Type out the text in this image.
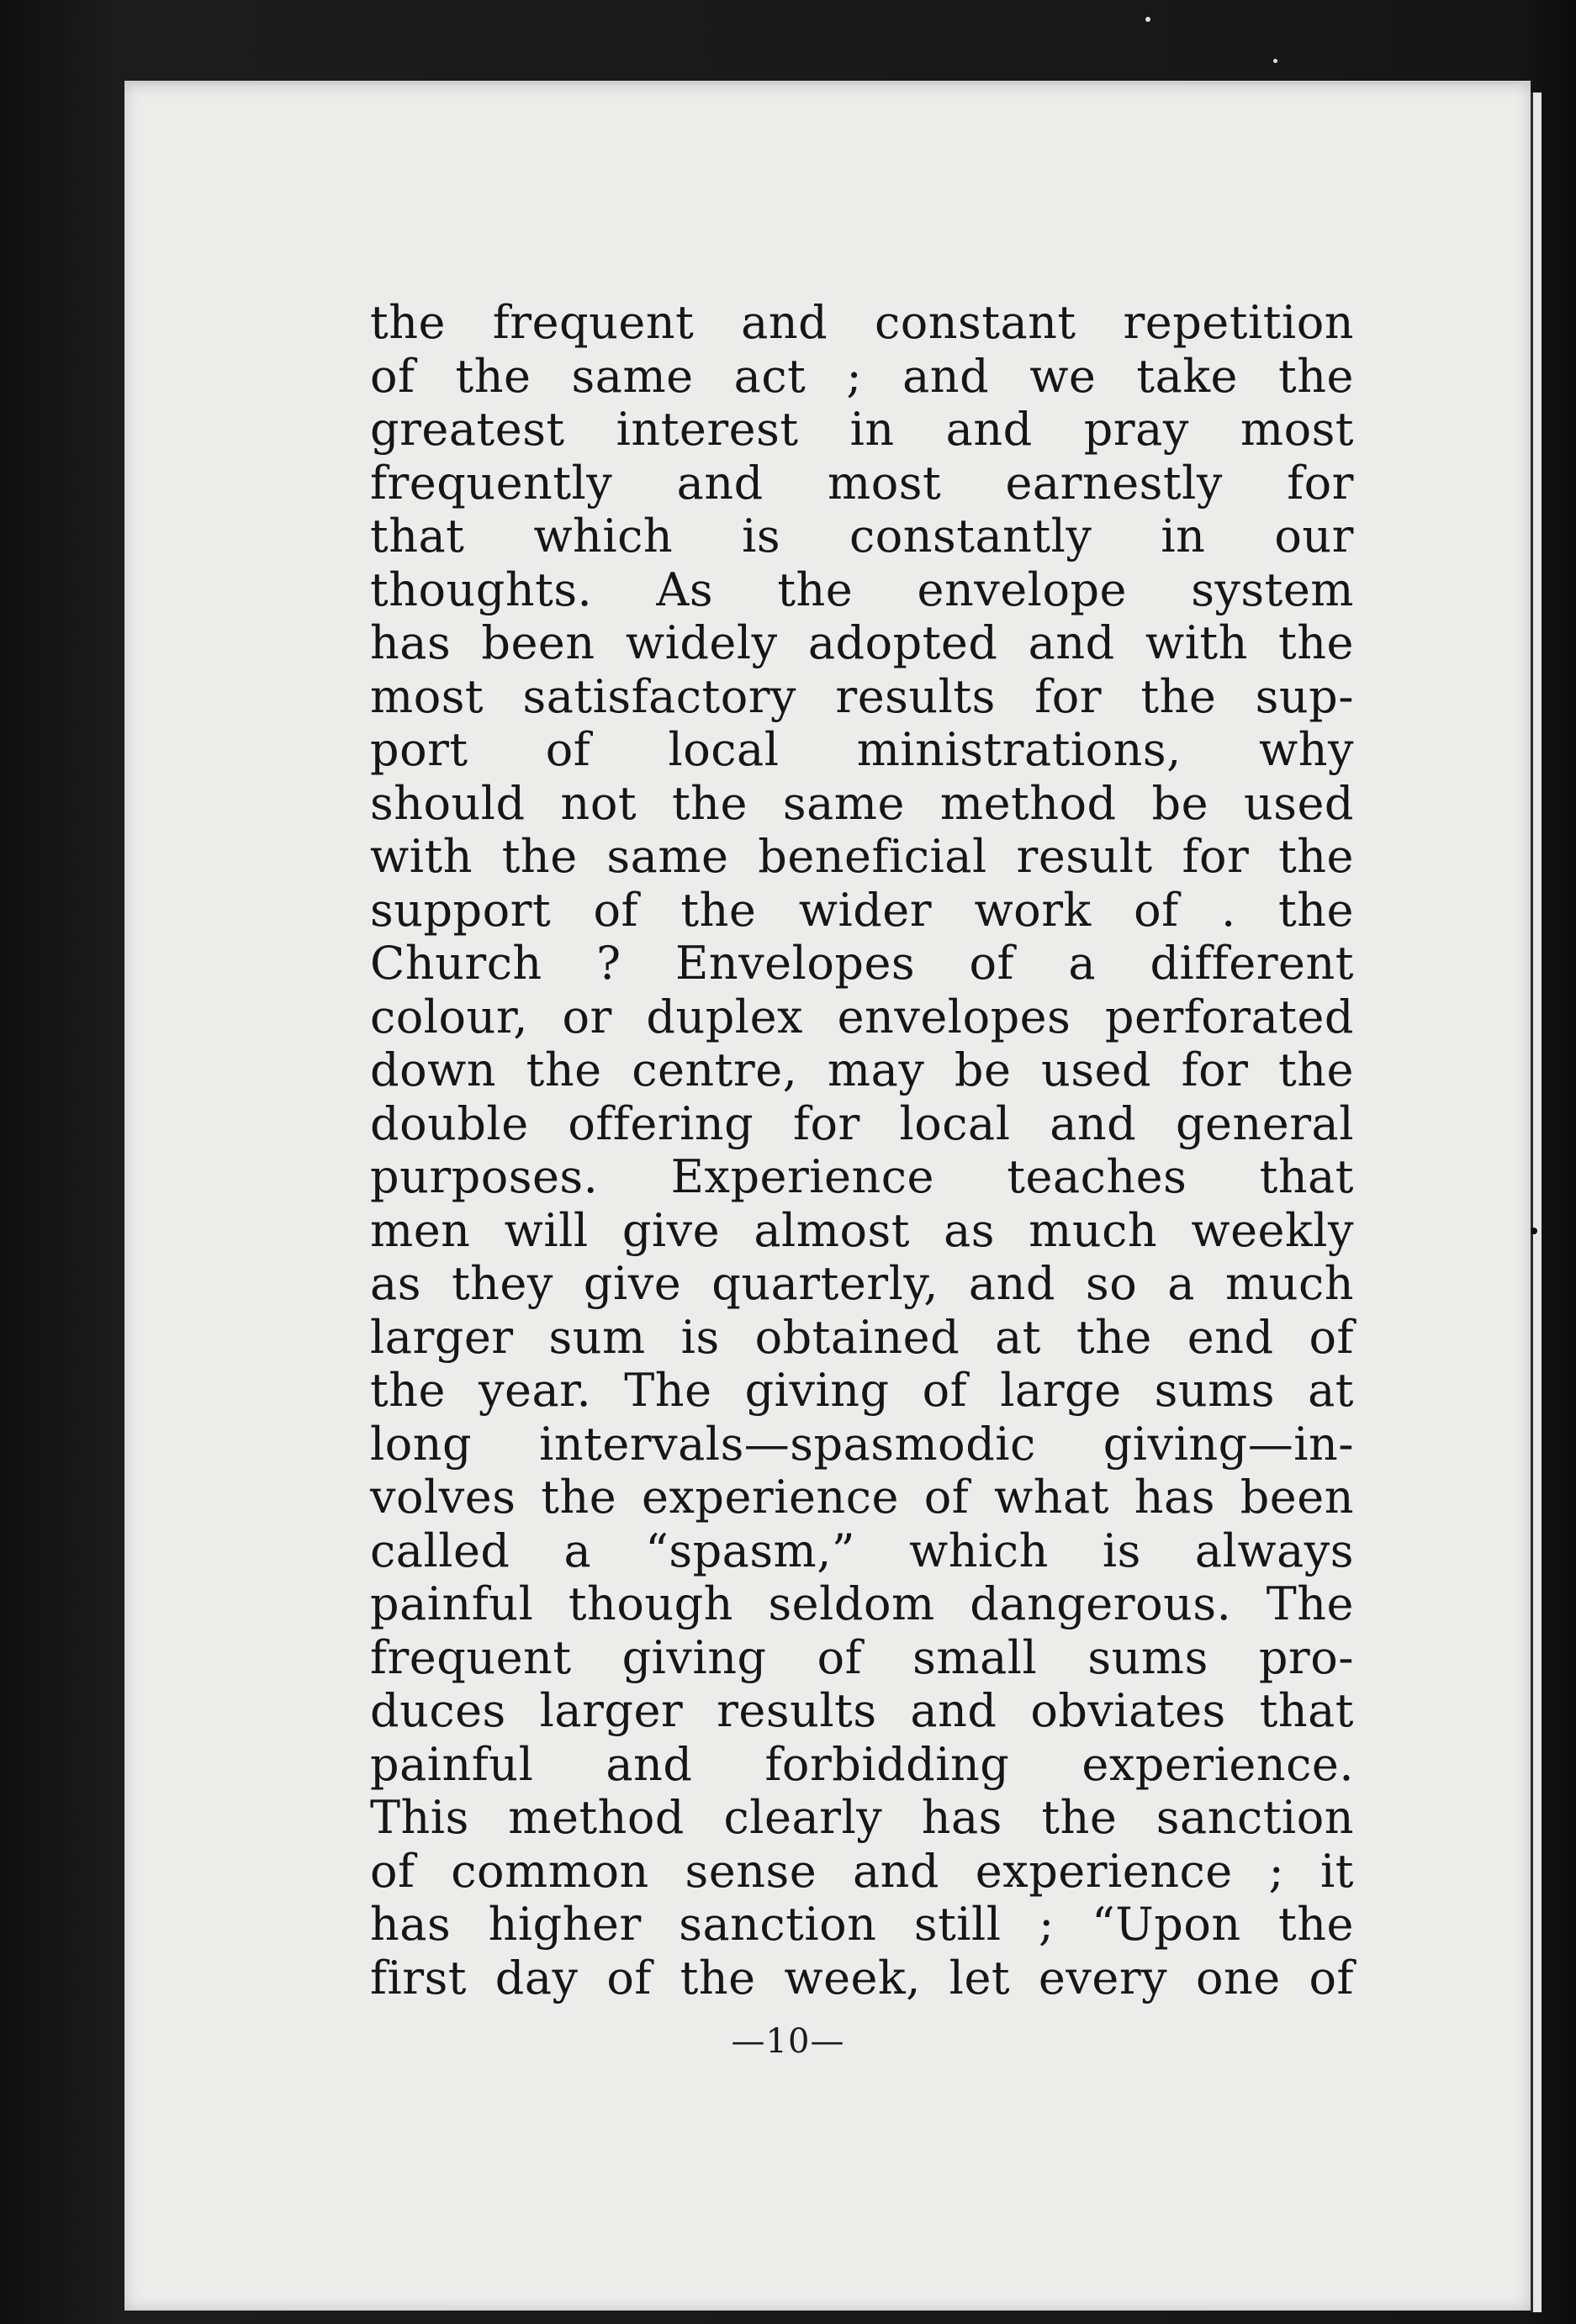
the frequent and constant repetition
of the same act ; and we take the
greatest interest in and pray most
frequently and most earnestly for
that which is constantly in our
thoughts. As the envelope system
has been widely adopted and with the
most satisfactory results for the sup-
port of local ministrations, why
should not the same method be used
with the same beneficial result for the
support of the wider work of . the
Church ? Envelopes of a different
colour, or duplex envelopes perforated
down the centre, may be used for the
double offering for local and general
purposes. Experience teaches that
men will give almost as much weekly
as they give quarterly, and so a much
larger sum is obtained at the end of
the year. The giving of large sums at
long intervals—spasmodic giving—in-
volves the experience of what has been
called a “spasm,” which is always
painful though seldom dangerous. The
frequent giving of small sums pro-
duces larger results and obviates that
painful and forbidding experience.
This method clearly has the sanction
of common sense and experience ; it
has higher sanction still ; “Upon the
first day of the week, let every one of
—10—
